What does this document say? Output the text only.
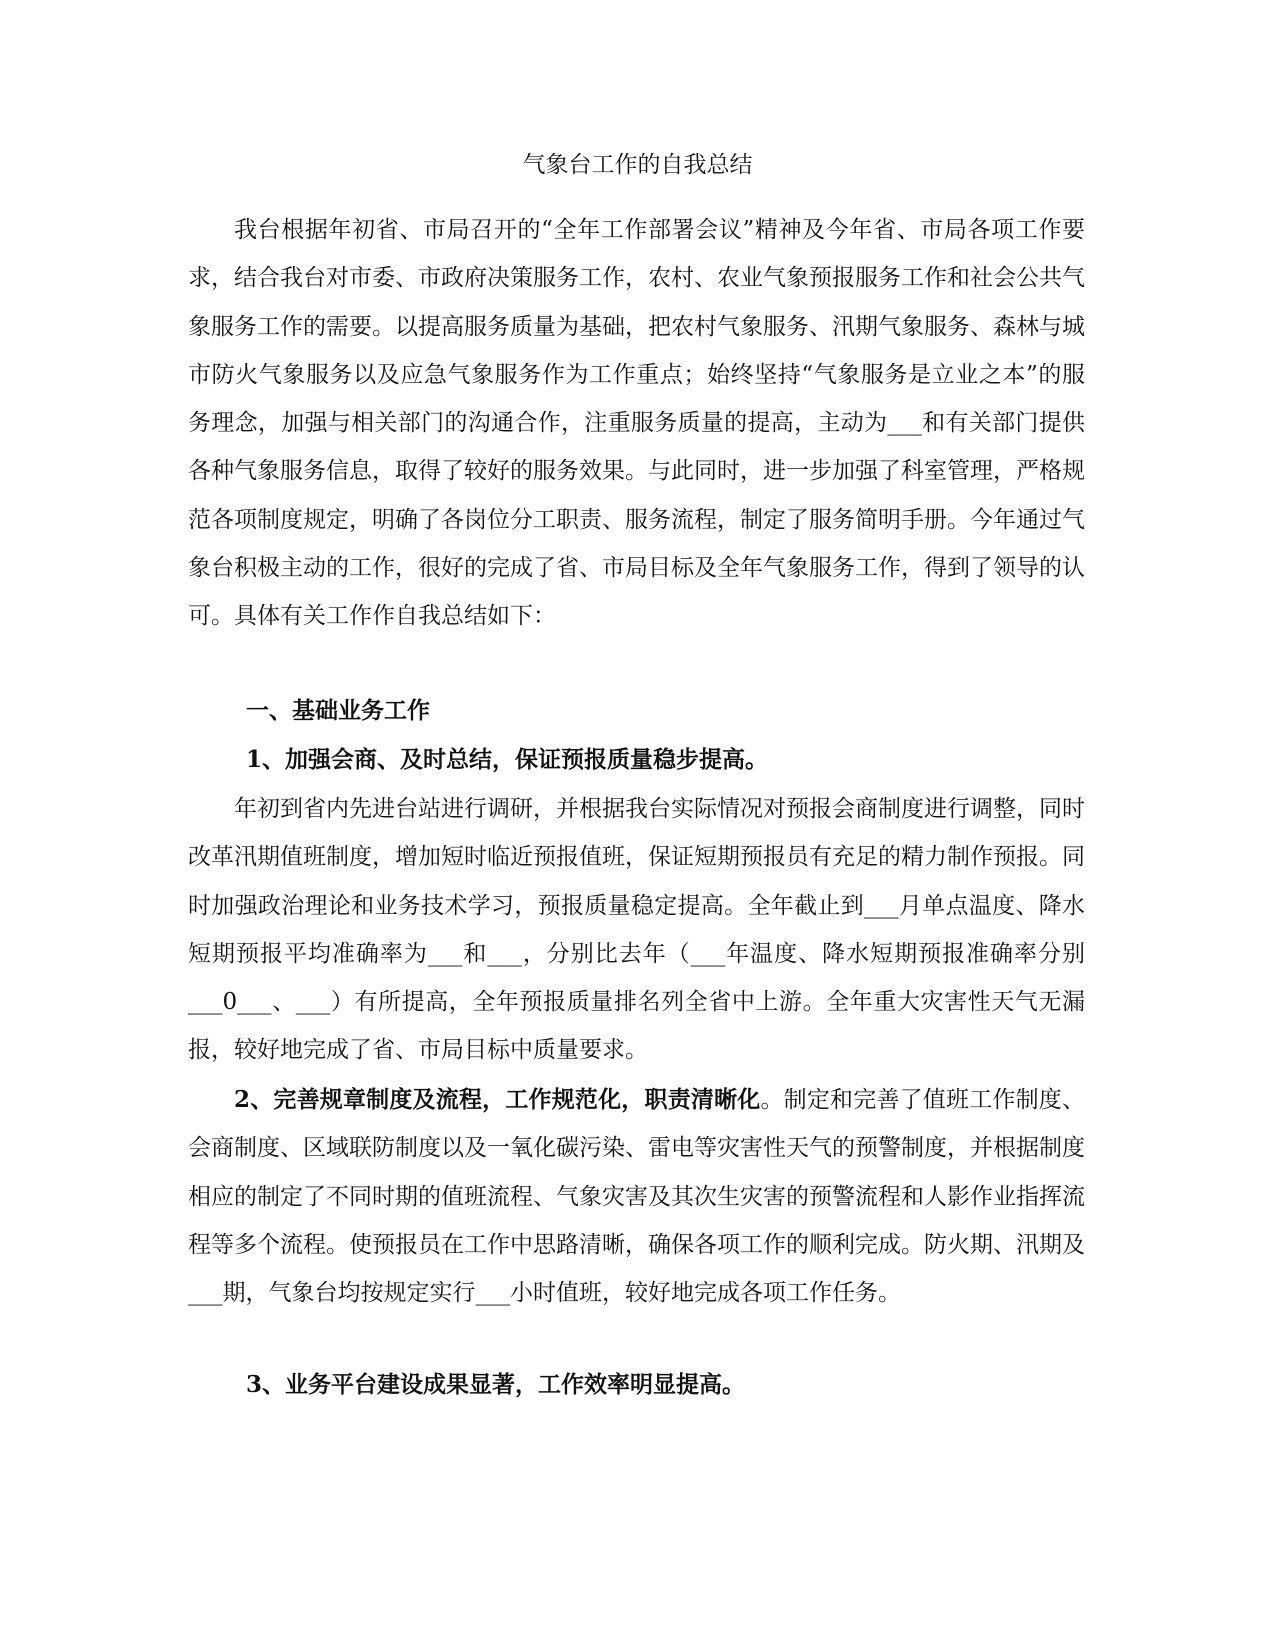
气象台工作的自我总结

我台根据年初省、市局召开的“全年工作部署会议”精神及今年省、市局各项工作要求，结合我台对市委、市政府决策服务工作，农村、农业气象预报服务工作和社会公共气象服务工作的需要。以提高服务质量为基础，把农村气象服务、汛期气象服务、森林与城市防火气象服务以及应急气象服务作为工作重点；始终坚持“气象服务是立业之本”的服务理念，加强与相关部门的沟通合作，注重服务质量的提高，主动为___和有关部门提供各种气象服务信息，取得了较好的服务效果。与此同时，进一步加强了科室管理，严格规范各项制度规定，明确了各岗位分工职责、服务流程，制定了服务简明手册。今年通过气象台积极主动的工作，很好的完成了省、市局目标及全年气象服务工作，得到了领导的认可。具体有关工作作自我总结如下：

一、基础业务工作
1、加强会商、及时总结，保证预报质量稳步提高。

年初到省内先进台站进行调研，并根据我台实际情况对预报会商制度进行调整，同时改革汛期值班制度，增加短时临近预报值班，保证短期预报员有充足的精力制作预报。同时加强政治理论和业务技术学习，预报质量稳定提高。全年截止到___月单点温度、降水短期预报平均准确率为___和___，分别比去年（___年温度、降水短期预报准确率分别___0___、___）有所提高，全年预报质量排名列全省中上游。全年重大灾害性天气无漏报，较好地完成了省、市局目标中质量要求。

2、完善规章制度及流程，工作规范化，职责清晰化。制定和完善了值班工作制度、会商制度、区域联防制度以及一氧化碳污染、雷电等灾害性天气的预警制度，并根据制度相应的制定了不同时期的值班流程、气象灾害及其次生灾害的预警流程和人影作业指挥流程等多个流程。使预报员在工作中思路清晰，确保各项工作的顺利完成。防火期、汛期及___期，气象台均按规定实行___小时值班，较好地完成各项工作任务。

3、业务平台建设成果显著，工作效率明显提高。
